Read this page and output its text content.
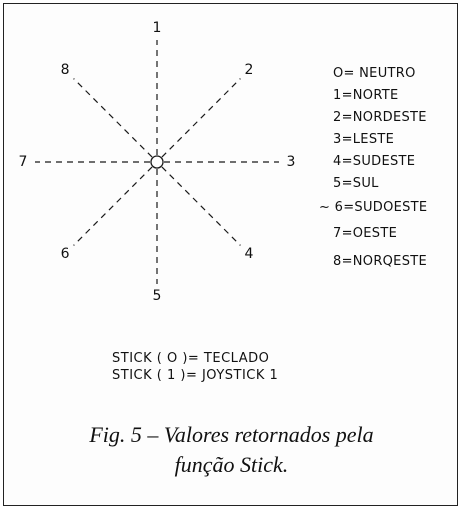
1
2
3
4
5
6
7
8	O= NEUTRO
1=NORTE
2=NORDESTE
3=LESTE
4=SUDESTE
5=SUL
~ 6=SUDOESTE
7=OESTE
8=NORQESTE
STICK ( O )= TECLADO
STICK ( 1 )= JOYSTICK 1
Fig. 5 – Valores retornados pela
função Stick.
